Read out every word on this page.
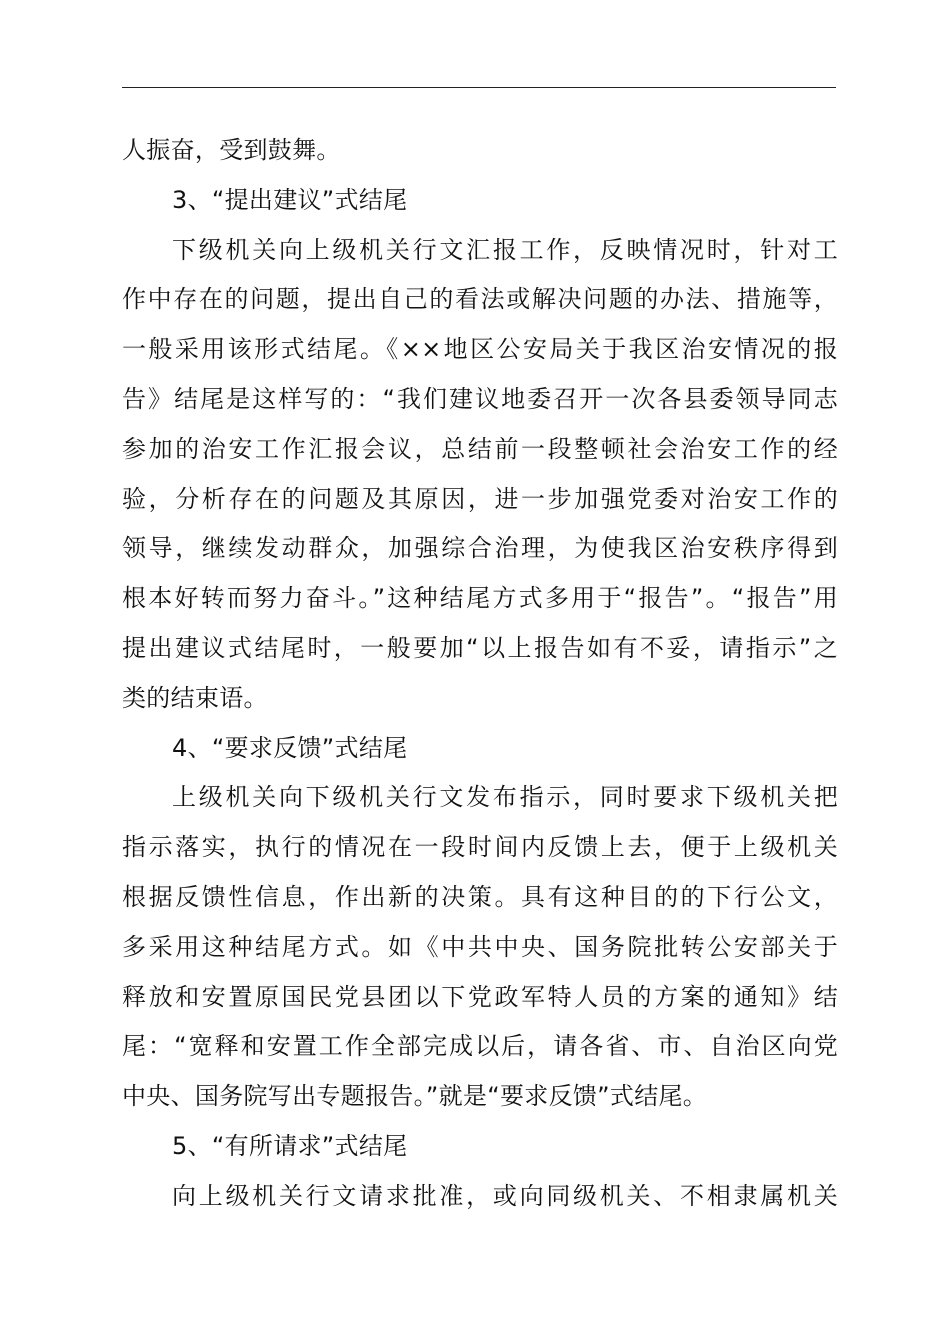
人振奋，受到鼓舞。
3、“提出建议”式结尾
下级机关向上级机关行文汇报工作，反映情况时，针对工
作中存在的问题，提出自己的看法或解决问题的办法、措施等，
一般采用该形式结尾。《××地区公安局关于我区治安情况的报
告》结尾是这样写的：“我们建议地委召开一次各县委领导同志
参加的治安工作汇报会议，总结前一段整顿社会治安工作的经
验，分析存在的问题及其原因，进一步加强党委对治安工作的
领导，继续发动群众，加强综合治理，为使我区治安秩序得到
根本好转而努力奋斗。”这种结尾方式多用于“报告”。“报告”用
提出建议式结尾时，一般要加“以上报告如有不妥，请指示”之
类的结束语。
4、“要求反馈”式结尾
上级机关向下级机关行文发布指示，同时要求下级机关把
指示落实，执行的情况在一段时间内反馈上去，便于上级机关
根据反馈性信息，作出新的决策。具有这种目的的下行公文，
多采用这种结尾方式。如《中共中央、国务院批转公安部关于
释放和安置原国民党县团以下党政军特人员的方案的通知》结
尾：“宽释和安置工作全部完成以后，请各省、市、自治区向党
中央、国务院写出专题报告。”就是“要求反馈”式结尾。
5、“有所请求”式结尾
向上级机关行文请求批准，或向同级机关、不相隶属机关
